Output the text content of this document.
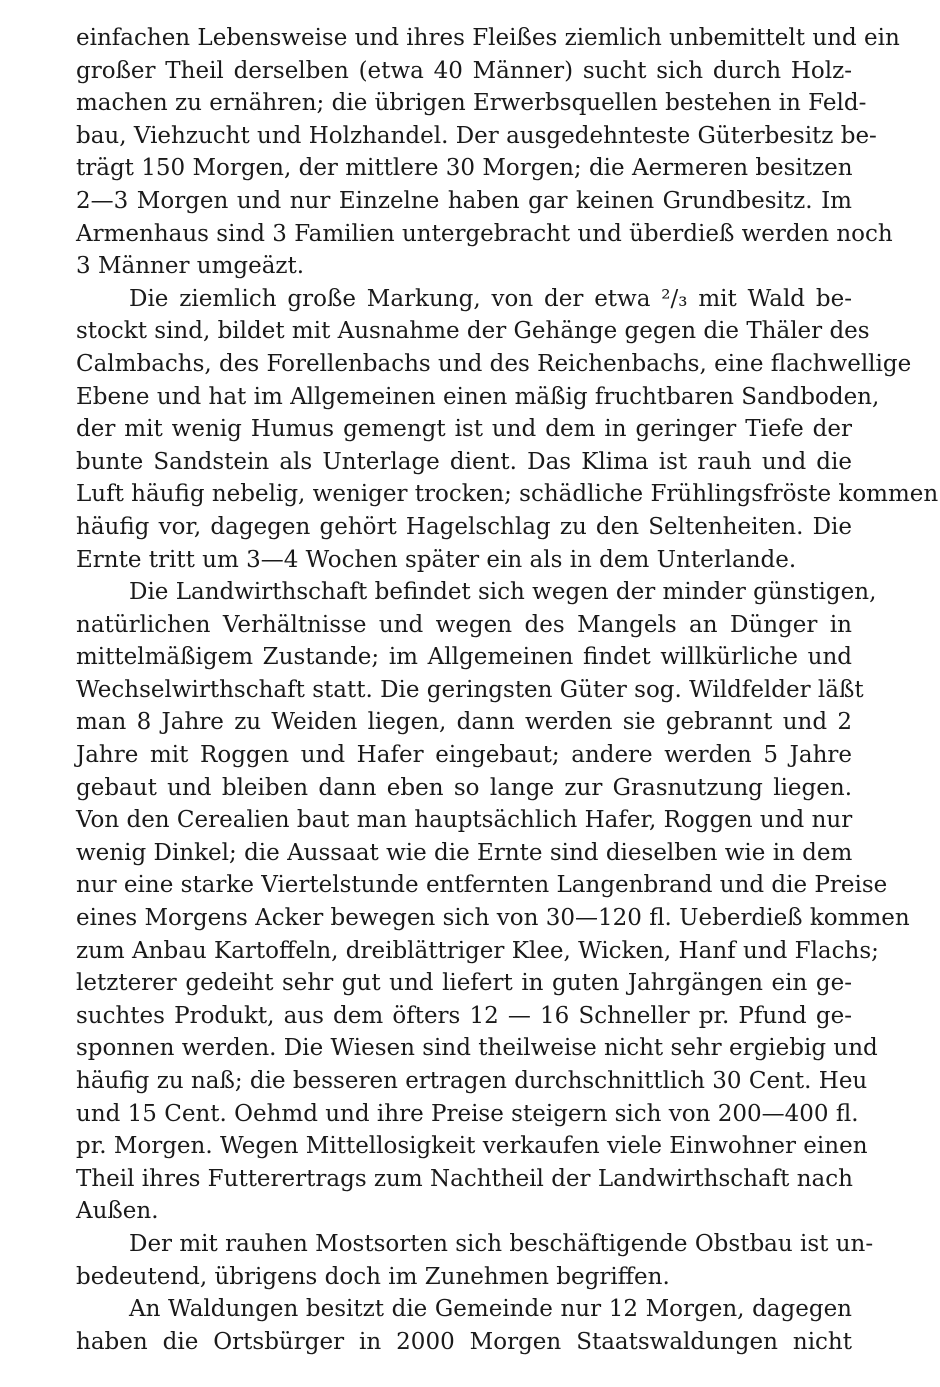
einfachen Lebensweise und ihres Fleißes ziemlich unbemittelt und ein
großer Theil derselben (etwa 40 Männer) sucht sich durch Holz-
machen zu ernähren; die übrigen Erwerbsquellen bestehen in Feld-
bau, Viehzucht und Holzhandel. Der ausgedehnteste Güterbesitz be-
trägt 150 Morgen, der mittlere 30 Morgen; die Aermeren besitzen
2—3 Morgen und nur Einzelne haben gar keinen Grundbesitz. Im
Armenhaus sind 3 Familien untergebracht und überdieß werden noch
3 Männer umgeäzt.
Die ziemlich große Markung, von der etwa ²/₃ mit Wald be-
stockt sind, bildet mit Ausnahme der Gehänge gegen die Thäler des
Calmbachs, des Forellenbachs und des Reichenbachs, eine flachwellige
Ebene und hat im Allgemeinen einen mäßig fruchtbaren Sandboden,
der mit wenig Humus gemengt ist und dem in geringer Tiefe der
bunte Sandstein als Unterlage dient. Das Klima ist rauh und die
Luft häufig nebelig, weniger trocken; schädliche Frühlingsfröste kommen
häufig vor, dagegen gehört Hagelschlag zu den Seltenheiten. Die
Ernte tritt um 3—4 Wochen später ein als in dem Unterlande.
Die Landwirthschaft befindet sich wegen der minder günstigen,
natürlichen Verhältnisse und wegen des Mangels an Dünger in
mittelmäßigem Zustande; im Allgemeinen findet willkürliche und
Wechselwirthschaft statt. Die geringsten Güter sog. Wildfelder läßt
man 8 Jahre zu Weiden liegen, dann werden sie gebrannt und 2
Jahre mit Roggen und Hafer eingebaut; andere werden 5 Jahre
gebaut und bleiben dann eben so lange zur Grasnutzung liegen.
Von den Cerealien baut man hauptsächlich Hafer, Roggen und nur
wenig Dinkel; die Aussaat wie die Ernte sind dieselben wie in dem
nur eine starke Viertelstunde entfernten Langenbrand und die Preise
eines Morgens Acker bewegen sich von 30—120 fl. Ueberdieß kommen
zum Anbau Kartoffeln, dreiblättriger Klee, Wicken, Hanf und Flachs;
letzterer gedeiht sehr gut und liefert in guten Jahrgängen ein ge-
suchtes Produkt, aus dem öfters 12 — 16 Schneller pr. Pfund ge-
sponnen werden. Die Wiesen sind theilweise nicht sehr ergiebig und
häufig zu naß; die besseren ertragen durchschnittlich 30 Cent. Heu
und 15 Cent. Oehmd und ihre Preise steigern sich von 200—400 fl.
pr. Morgen. Wegen Mittellosigkeit verkaufen viele Einwohner einen
Theil ihres Futterertrags zum Nachtheil der Landwirthschaft nach
Außen.
Der mit rauhen Mostsorten sich beschäftigende Obstbau ist un-
bedeutend, übrigens doch im Zunehmen begriffen.
An Waldungen besitzt die Gemeinde nur 12 Morgen, dagegen
haben die Ortsbürger in 2000 Morgen Staatswaldungen nicht
